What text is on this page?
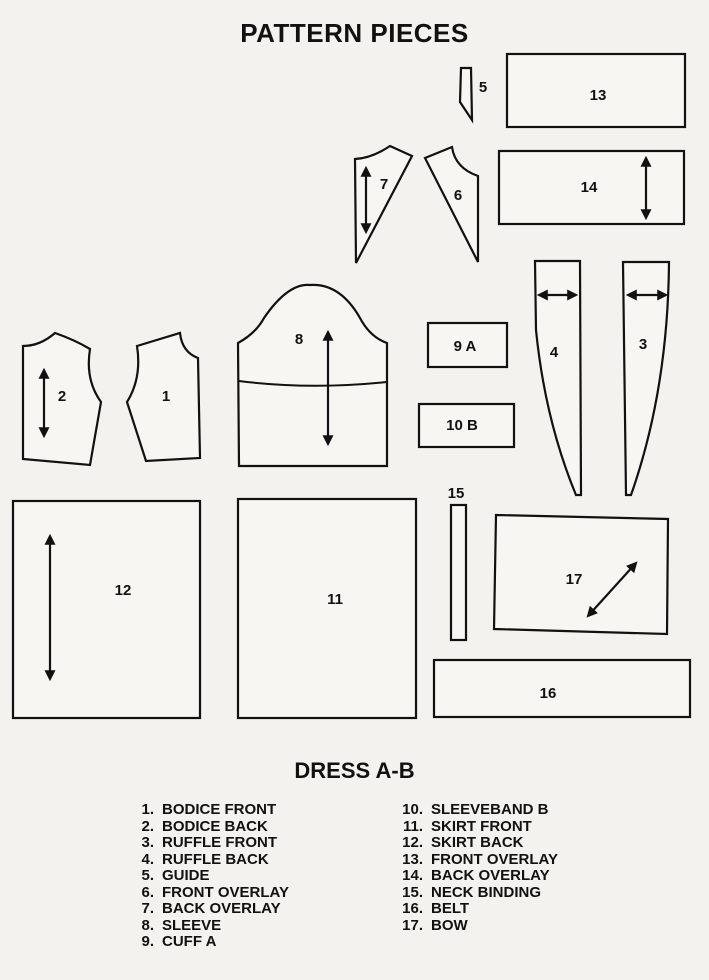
PATTERN PIECES
5	13
14
7
6
4	3
8	9 A
10 B
2	1
12
11
15
17
16
DRESS A-B
1. BODICE FRONT
2. BODICE BACK
3. RUFFLE FRONT
4. RUFFLE BACK
5. GUIDE
6. FRONT OVERLAY
7. BACK OVERLAY
8. SLEEVE
9. CUFF A
10. SLEEVEBAND B
11. SKIRT FRONT
12. SKIRT BACK
13. FRONT OVERLAY
14. BACK OVERLAY
15. NECK BINDING
16. BELT
17. BOW
